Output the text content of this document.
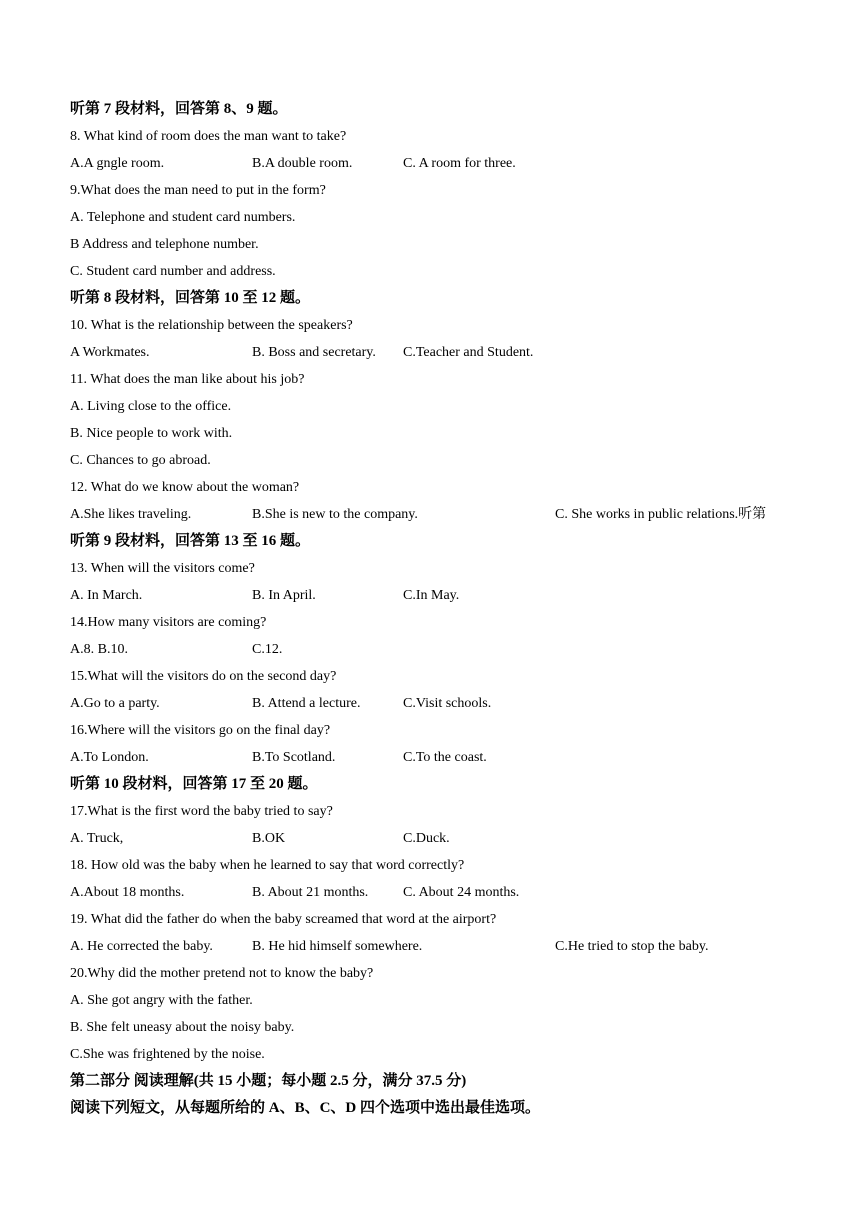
听第 7 段材料，回答第 8、9 题。
8. What kind of room does the man want to take?
A.A gngle room.	B.A double room.	C. A room for three.
9.What does the man need to put in the form?
A. Telephone and student card numbers.
B Address and telephone number.
C. Student card number and address.
听第 8 段材料，回答第 10 至 12 题。
10. What is the relationship between the speakers?
A Workmates.	B. Boss and secretary. C.Teacher and Student.
11. What does the man like about his job?
A. Living close to the office.
B. Nice people to work with.
C. Chances to go abroad.
12. What do we know about the woman?
A.She likes traveling.	B.She is new to the company.	C. She works in public relations.听第
听第 9 段材料，回答第 13 至 16 题。
13. When will the visitors come?
A. In March.	B. In April.	C.In May.
14.How many visitors are coming?
A.8. B.10.	C.12.
15.What will the visitors do on the second day?
A.Go to a party.	B. Attend a lecture.	C.Visit schools.
16.Where will the visitors go on the final day?
A.To London.	B.To Scotland.	C.To the coast.
听第 10 段材料，回答第 17 至 20 题。
17.What is the first word the baby tried to say?
A. Truck,	B.OK	C.Duck.
18. How old was the baby when he learned to say that word correctly?
A.About 18 months.	B. About 21 months. C. About 24 months.
19. What did the father do when the baby screamed that word at the airport?
A. He corrected the baby.	B. He hid himself somewhere.	C.He tried to stop the baby.
20.Why did the mother pretend not to know the baby?
A. She got angry with the father.
B. She felt uneasy about the noisy baby.
C.She was frightened by the noise.
第二部分 阅读理解(共 15 小题；每小题 2.5 分，满分 37.5 分)
阅读下列短文，从每题所给的 A、B、C、D 四个选项中选出最佳选项。
